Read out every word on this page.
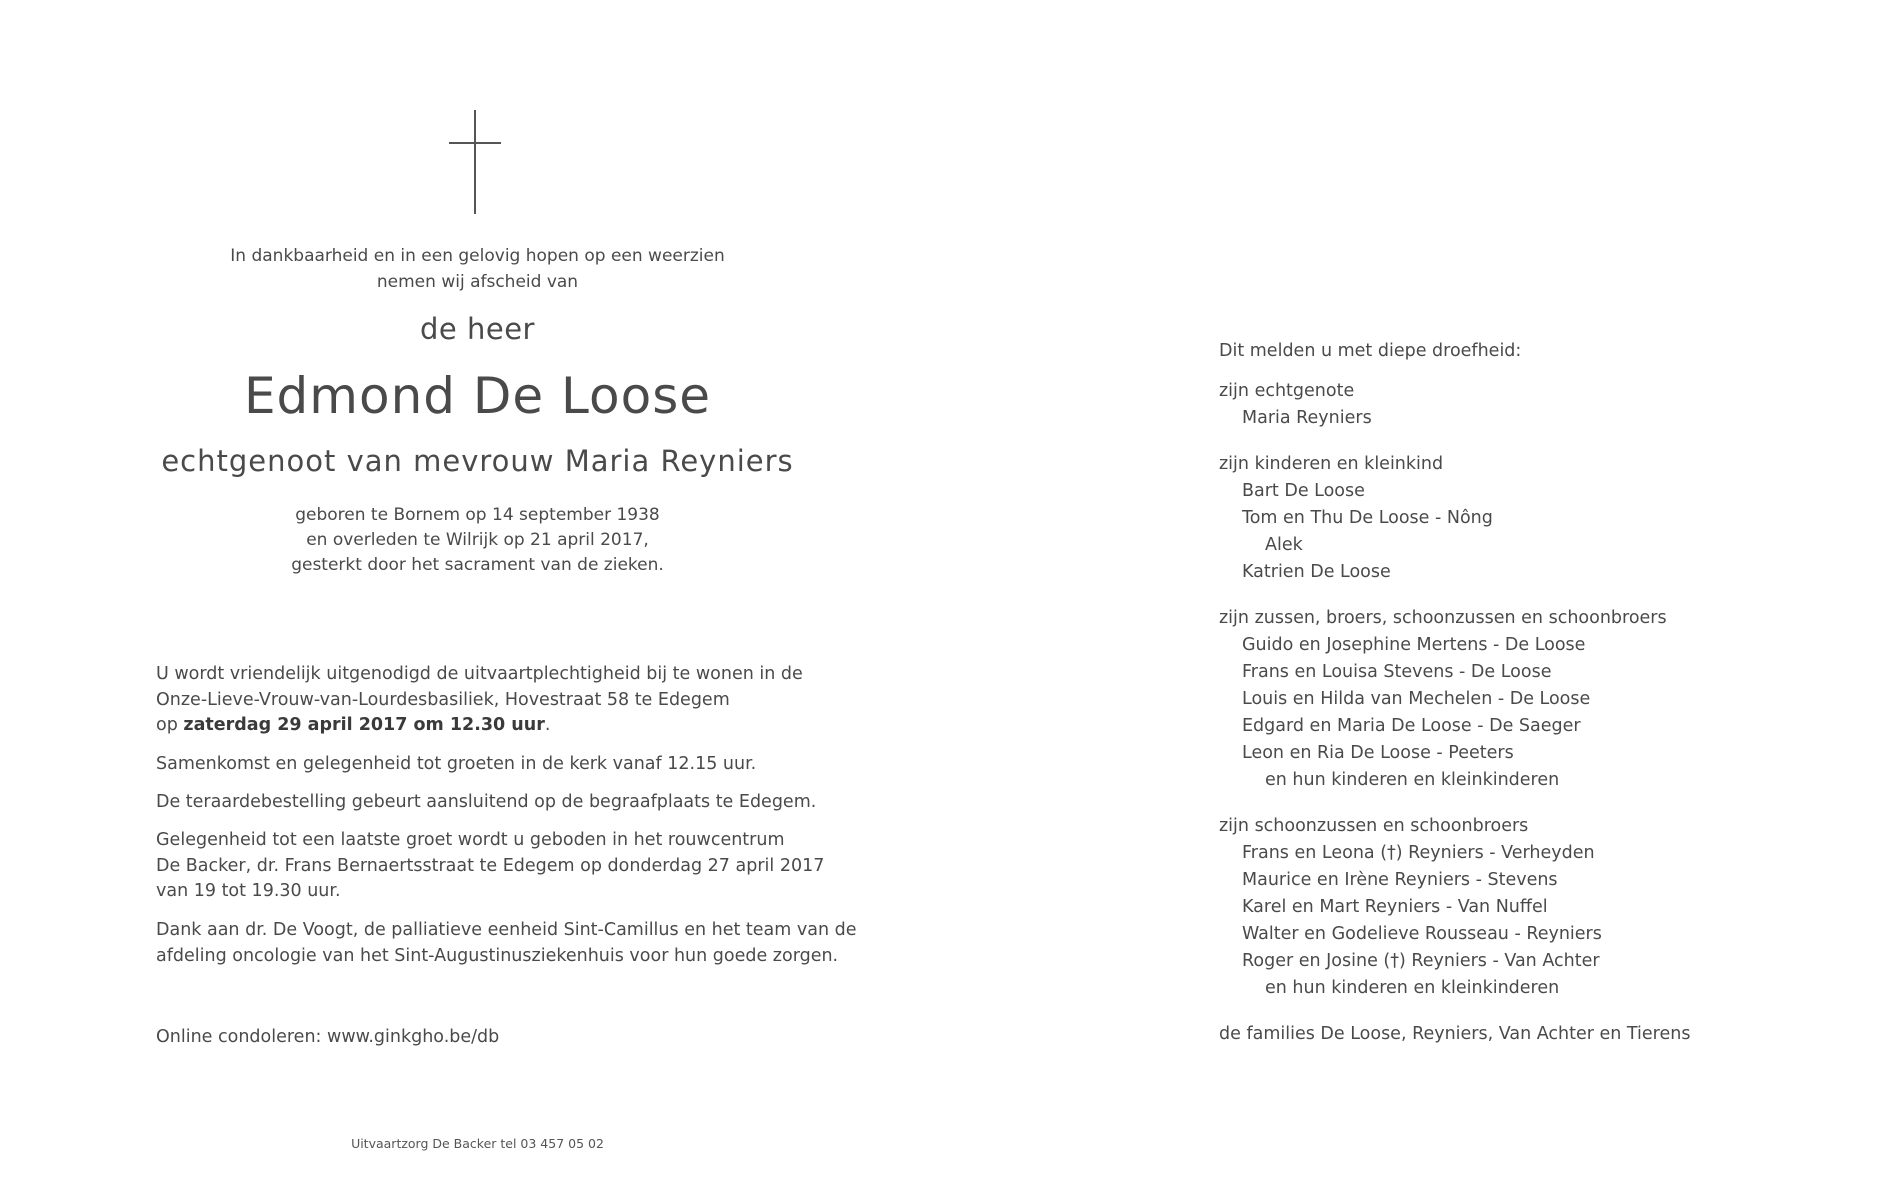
In dankbaarheid en in een gelovig hopen op een weerzien
nemen wij afscheid van
de heer
Edmond De Loose
echtgenoot van mevrouw Maria Reyniers
geboren te Bornem op 14 september 1938
en overleden te Wilrijk op 21 april 2017,
gesterkt door het sacrament van de zieken.
U wordt vriendelijk uitgenodigd de uitvaartplechtigheid bij te wonen in de
Onze-Lieve-Vrouw-van-Lourdesbasiliek, Hovestraat 58 te Edegem
op zaterdag 29 april 2017 om 12.30 uur.
Samenkomst en gelegenheid tot groeten in de kerk vanaf 12.15 uur.
De teraardebestelling gebeurt aansluitend op de begraafplaats te Edegem.
Gelegenheid tot een laatste groet wordt u geboden in het rouwcentrum
De Backer, dr. Frans Bernaertsstraat te Edegem op donderdag 27 april 2017
van 19 tot 19.30 uur.
Dank aan dr. De Voogt, de palliatieve eenheid Sint-Camillus en het team van de
afdeling oncologie van het Sint-Augustinusziekenhuis voor hun goede zorgen.
Online condoleren: www.ginkgho.be/db
Uitvaartzorg De Backer tel 03 457 05 02
Dit melden u met diepe droefheid:
zijn echtgenote
Maria Reyniers
zijn kinderen en kleinkind
Bart De Loose
Tom en Thu De Loose - Nông
Alek
Katrien De Loose
zijn zussen, broers, schoonzussen en schoonbroers
Guido en Josephine Mertens - De Loose
Frans en Louisa Stevens - De Loose
Louis en Hilda van Mechelen - De Loose
Edgard en Maria De Loose - De Saeger
Leon en Ria De Loose - Peeters
en hun kinderen en kleinkinderen
zijn schoonzussen en schoonbroers
Frans en Leona (†) Reyniers - Verheyden
Maurice en Irène Reyniers - Stevens
Karel en Mart Reyniers - Van Nuffel
Walter en Godelieve Rousseau - Reyniers
Roger en Josine (†) Reyniers - Van Achter
en hun kinderen en kleinkinderen
de families De Loose, Reyniers, Van Achter en Tierens
